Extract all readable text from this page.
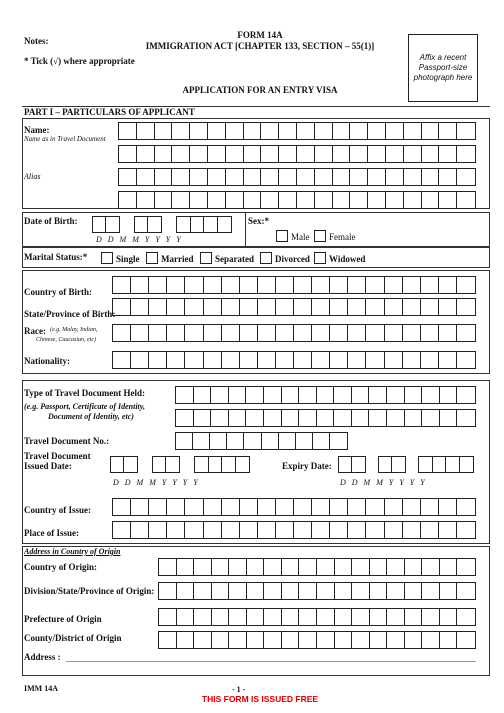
Notes:
* Tick (√) where appropriate
FORM 14A
IMMIGRATION ACT [CHAPTER 133, SECTION – 55(1)]
APPLICATION FOR AN ENTRY VISA
Affix a recent Passport-size photograph here
PART I – PARTICULARS OF APPLICANT
Name:
Name as in Travel Document
Alias
Date of Birth:
D D M M Y Y Y Y
Sex:*
Male	Female
Marital Status:*	Single	Married	Separated	Divorced	Widowed
Country of Birth:
State/Province of Birth:
Race: (e.g. Malay, Indian,
Chinese, Caucasian, etc)
Nationality:
Type of Travel Document Held:
(e.g. Passport, Certificate of Identity,
Document of Identity, etc)
Travel Document No.:
Travel Document
Issued Date:
D D M M Y Y Y Y
Expiry Date:
D D M M Y Y Y Y
Country of Issue:
Place of Issue:
Address in Country of Origin
Country of Origin:
Division/State/Province of Origin:
Prefecture of Origin
County/District of Origin
Address :
IMM 14A	- 1 -
THIS FORM IS ISSUED FREE
